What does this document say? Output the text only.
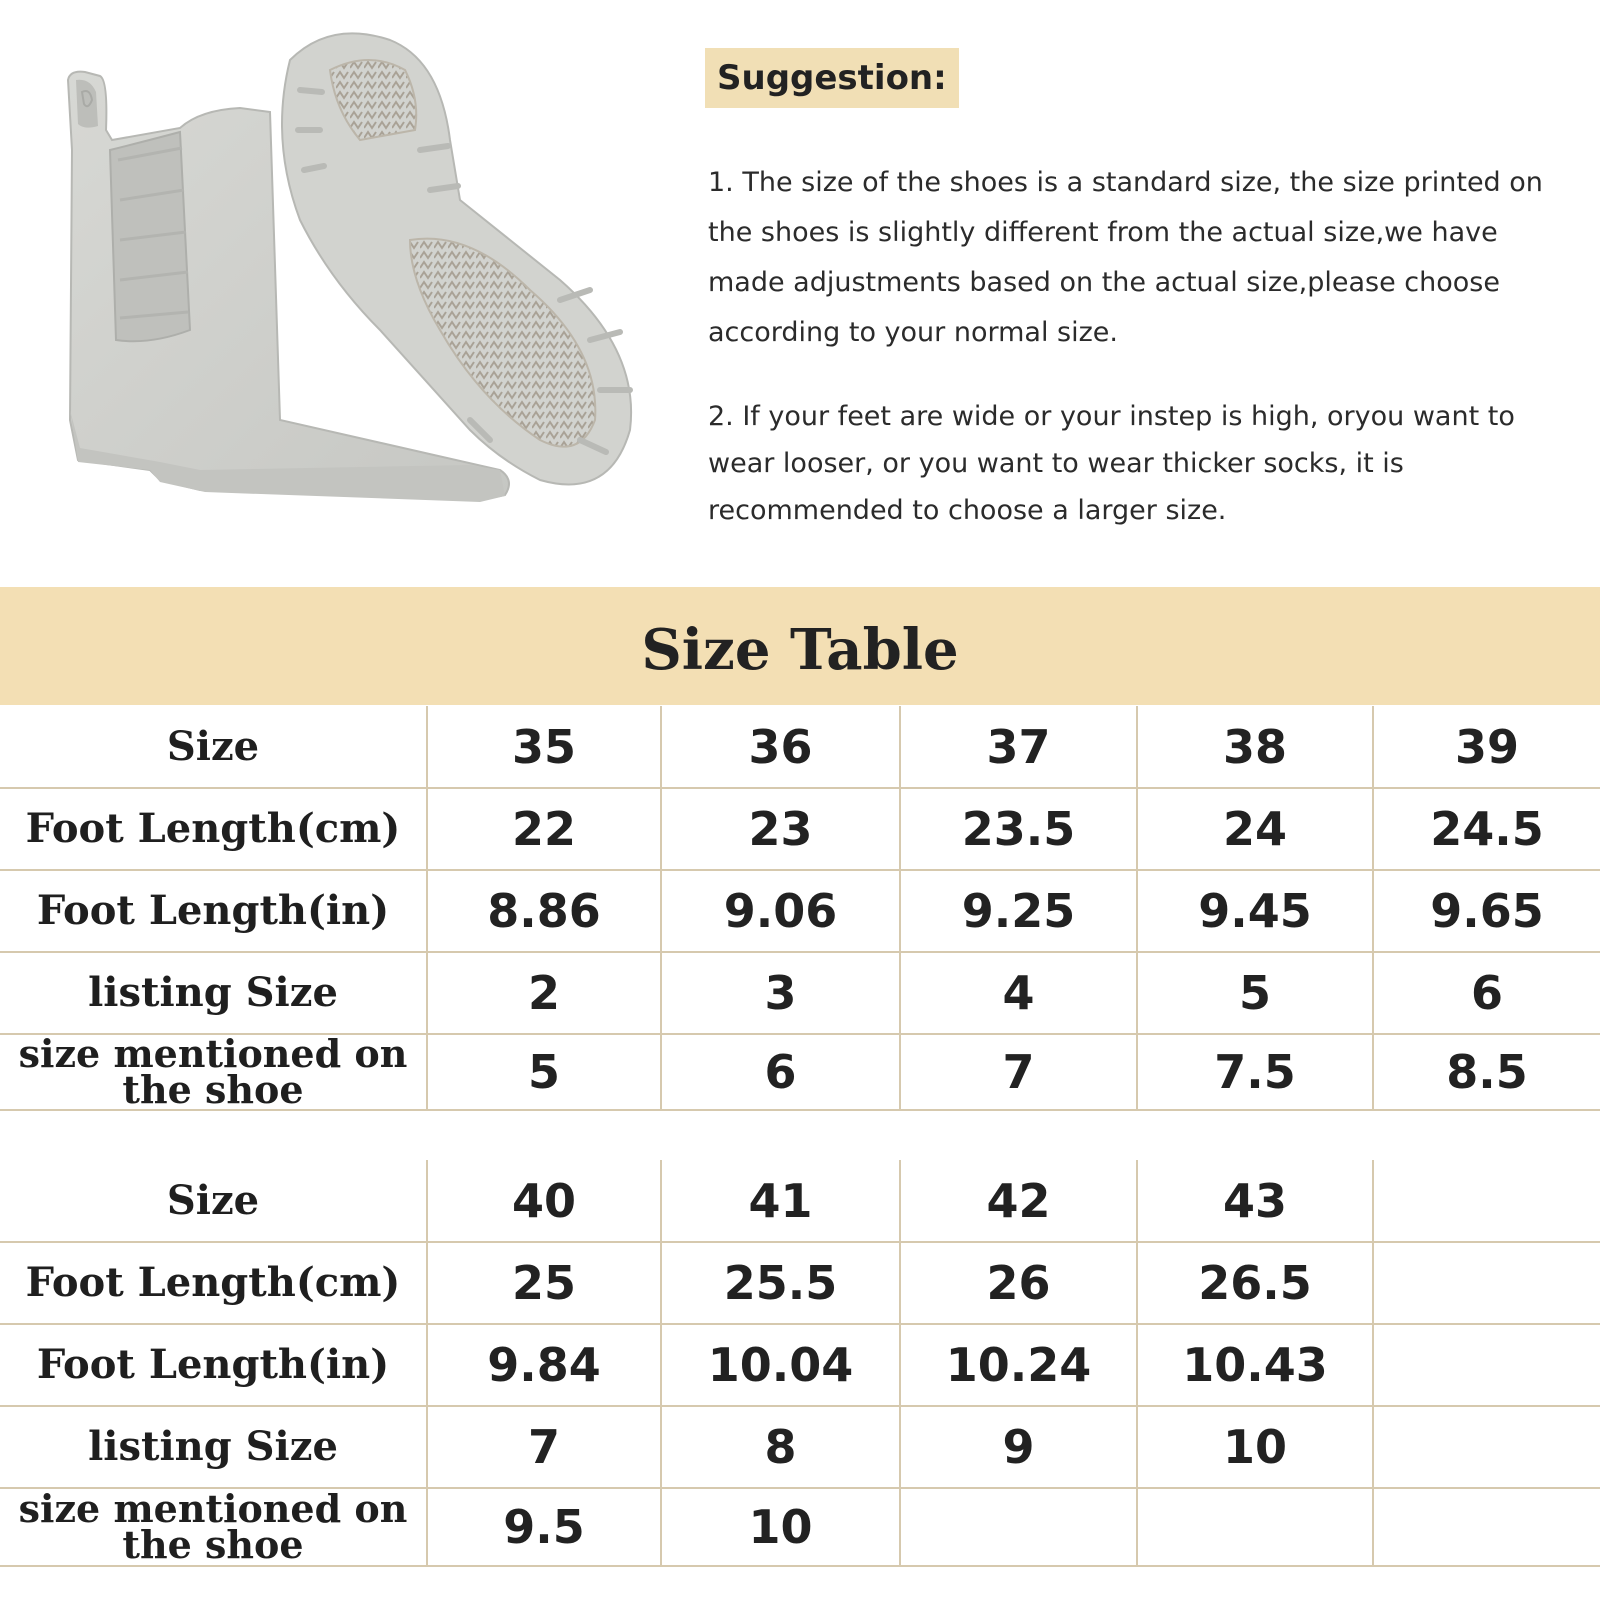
Suggestion:

1. The size of the shoes is a standard size, the size printed on the shoes is slightly different from the actual size,we have made adjustments based on the actual size,please choose according to your normal size.

2. If your feet are wide or your instep is high, oryou want to wear looser, or you want to wear thicker socks, it is recommended to choose a larger size.

Size Table
Size	35	36	37	38	39
Foot Length(cm)	22	23	23.5	24	24.5
Foot Length(in)	8.86	9.06	9.25	9.45	9.65
listing Size	2	3	4	5	6
size mentioned on the shoe	5	6	7	7.5	8.5
Size	40	41	42	43	
Foot Length(cm)	25	25.5	26	26.5	
Foot Length(in)	9.84	10.04	10.24	10.43	
listing Size	7	8	9	10	
size mentioned on the shoe	9.5	10			
